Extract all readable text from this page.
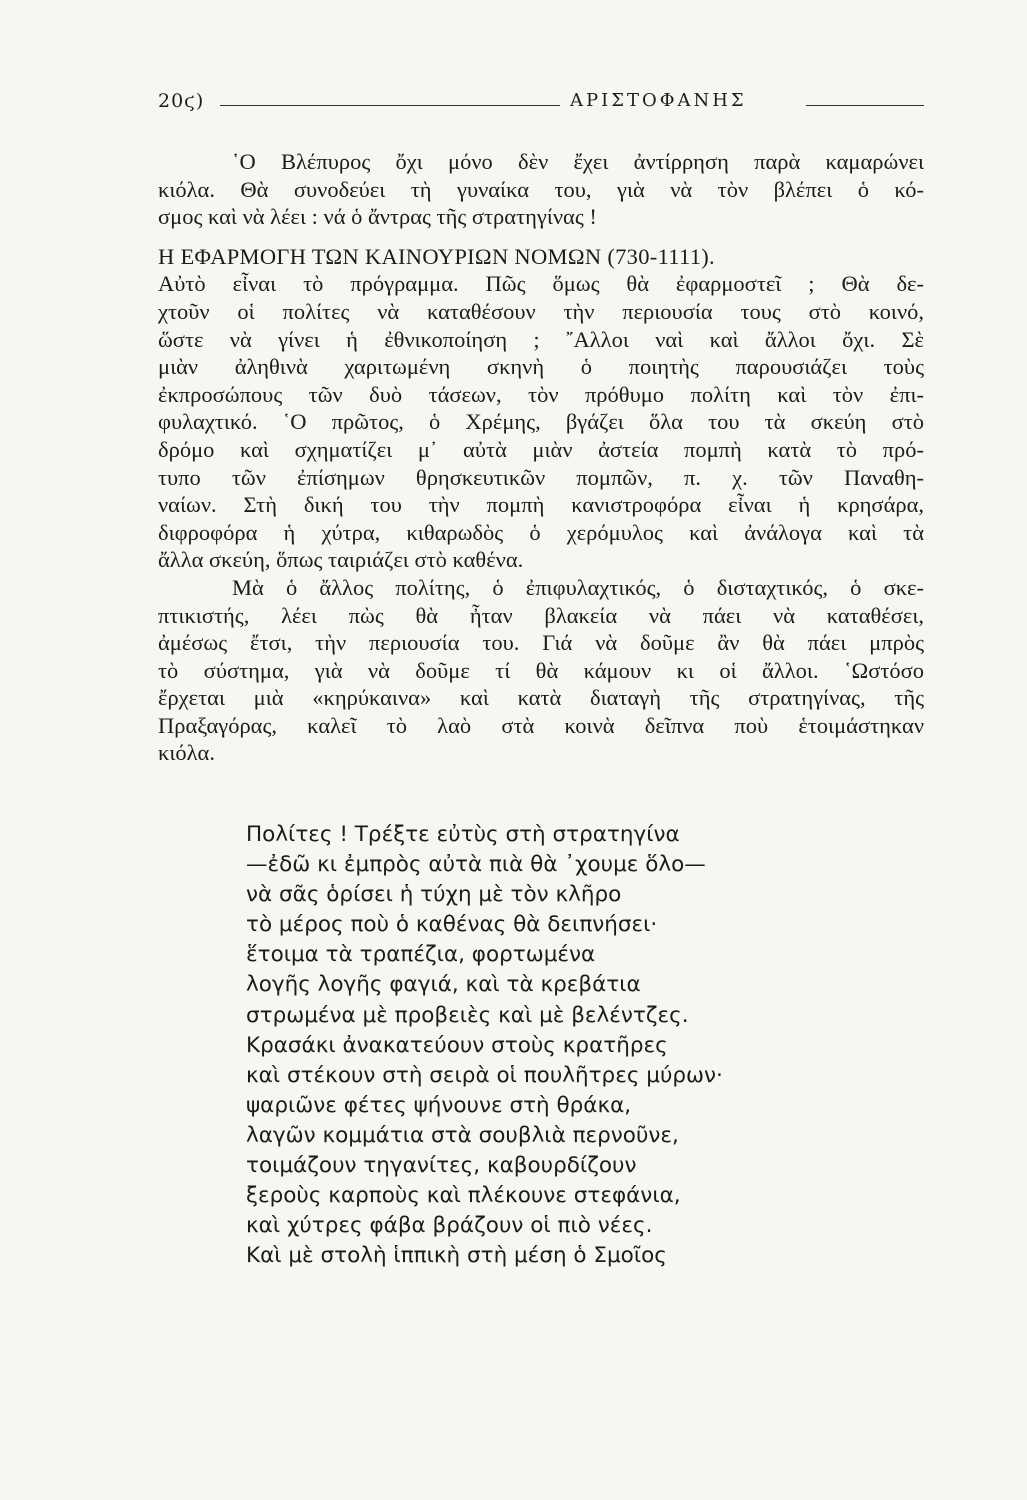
20ϛ)	ΑΡΙΣΤΟΦΑΝΗΣ

῾Ο Βλέπυρος ὄχι μόνο δὲν ἔχει ἀντίρρηση παρὰ καμαρώνει

κιόλα. Θὰ συνοδεύει τὴ γυναίκα του, γιὰ νὰ τὸν βλέπει ὁ κό-

σμος καὶ νὰ λέει : νά ὁ ἄντρας τῆς στρατηγίνας !

Η ΕΦΑΡΜΟΓΗ ΤΩΝ ΚΑΙΝΟΥΡΙΩΝ ΝΟΜΩΝ (730-1111).

Αὐτὸ εἶναι τὸ πρόγραμμα. Πῶς ὅμως θὰ ἐφαρμοστεῖ ; Θὰ δε-

χτοῦν οἱ πολίτες νὰ καταθέσουν τὴν περιουσία τους στὸ κοινό,

ὥστε νὰ γίνει ἡ ἐθνικοποίηση ; ῎Αλλοι ναὶ καὶ ἄλλοι ὄχι. Σὲ

μιὰν ἀληθινὰ χαριτωμένη σκηνὴ ὁ ποιητὴς παρουσιάζει τοὺς

ἐκπροσώπους τῶν δυὸ τάσεων, τὸν πρόθυμο πολίτη καὶ τὸν ἐπι-

φυλαχτικό. ῾Ο πρῶτος, ὁ Χρέμης, βγάζει ὅλα του τὰ σκεύη στὸ

δρόμο καὶ σχηματίζει μ᾽ αὐτὰ μιὰν ἀστεία πομπὴ κατὰ τὸ πρό-

τυπο τῶν ἐπίσημων θρησκευτικῶν πομπῶν, π. χ. τῶν Παναθη-

ναίων. Στὴ δική του τὴν πομπὴ κανιστροφόρα εἶναι ἡ κρησάρα,

διφροφόρα ἡ χύτρα, κιθαρωδὸς ὁ χερόμυλος καὶ ἀνάλογα καὶ τὰ

ἄλλα σκεύη, ὅπως ταιριάζει στὸ καθένα.

Μὰ ὁ ἄλλος πολίτης, ὁ ἐπιφυλαχτικός, ὁ δισταχτικός, ὁ σκε-

πτικιστής, λέει πὼς θὰ ἦταν βλακεία νὰ πάει νὰ καταθέσει,

ἀμέσως ἔτσι, τὴν περιουσία του. Γιά νὰ δοῦμε ἂν θὰ πάει μπρὸς

τὸ σύστημα, γιὰ νὰ δοῦμε τί θὰ κάμουν κι οἱ ἄλλοι. ῾Ωστόσο

ἔρχεται μιὰ «κηρύκαινα» καὶ κατὰ διαταγὴ τῆς στρατηγίνας, τῆς

Πραξαγόρας, καλεῖ τὸ λαὸ στὰ κοινὰ δεῖπνα ποὺ ἑτοιμάστηκαν

κιόλα.

Πολίτες ! Τρέξτε εὐτὺς στὴ στρατηγίνα
—ἐδῶ κι ἐμπρὸς αὐτὰ πιὰ θὰ ᾽χουμε ὅλο—
νὰ σᾶς ὁρίσει ἡ τύχη μὲ τὸν κλῆρο
τὸ μέρος ποὺ ὁ καθένας θὰ δειπνήσει·
ἕτοιμα τὰ τραπέζια, φορτωμένα
λογῆς λογῆς φαγιά, καὶ τὰ κρεβάτια
στρωμένα μὲ προβειὲς καὶ μὲ βελέντζες.
Κρασάκι ἀνακατεύουν στοὺς κρατῆρες
καὶ στέκουν στὴ σειρὰ οἱ πουλῆτρες μύρων·
ψαριῶνε φέτες ψήνουνε στὴ θράκα,
λαγῶν κομμάτια στὰ σουβλιὰ περνοῦνε,
τοιμάζουν τηγανίτες, καβουρδίζουν
ξεροὺς καρποὺς καὶ πλέκουνε στεφάνια,
καὶ χύτρες φάβα βράζουν οἱ πιὸ νέες.
Καὶ μὲ στολὴ ἱππικὴ στὴ μέση ὁ Σμοῖος
